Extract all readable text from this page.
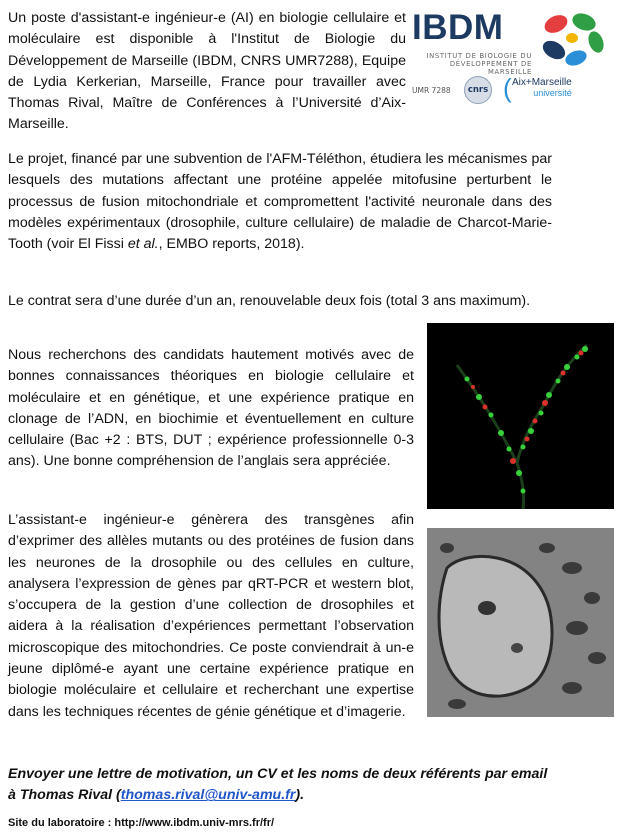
IBDM
INSTITUT DE BIOLOGIE DU DÉVELOPPEMENT DE MARSEILLE
UMR 7288 cnrs ( Aix+Marseille
université

Un poste d'assistant-e ingénieur-e (AI) en biologie cellulaire et moléculaire est disponible à l'Institut de Biologie du Développement de Marseille (IBDM, CNRS UMR7288), Equipe de Lydia Kerkerian, Marseille, France pour travailler avec Thomas Rival, Maître de Conférences à l’Université d’Aix-Marseille.

Le projet, financé par une subvention de l'AFM-Téléthon, étudiera les mécanismes par lesquels des mutations affectant une protéine appelée mitofusine perturbent le processus de fusion mitochondriale et compromettent l'activité neuronale dans des modèles expérimentaux (drosophile, culture cellulaire) de maladie de Charcot-Marie-Tooth (voir El Fissi et al., EMBO reports, 2018).

Le contrat sera d’une durée d’un an, renouvelable deux fois (total 3 ans maximum).

Nous recherchons des candidats hautement motivés avec de bonnes connaissances théoriques en biologie cellulaire et moléculaire et en génétique, et une expérience pratique en clonage de l’ADN, en biochimie et éventuellement en culture cellulaire (Bac +2 : BTS, DUT ; expérience professionnelle 0-3 ans). Une bonne compréhension de l’anglais sera appréciée.

L’assistant-e ingénieur-e génèrera des transgènes afin d’exprimer des allèles mutants ou des protéines de fusion dans les neurones de la drosophile ou des cellules en culture, analysera l’expression de gènes par qRT-PCR et western blot, s’occupera de la gestion d’une collection de drosophiles et aidera à la réalisation d’expériences permettant l’observation microscopique des mitochondries. Ce poste conviendrait à un-e jeune diplômé-e ayant une certaine expérience pratique en biologie moléculaire et cellulaire et recherchant une expertise dans les techniques récentes de génie génétique et d’imagerie.

Envoyer une lettre de motivation, un CV et les noms de deux référents par email à Thomas Rival (thomas.rival@univ-amu.fr).

Site du laboratoire : http://www.ibdm.univ-mrs.fr/fr/
